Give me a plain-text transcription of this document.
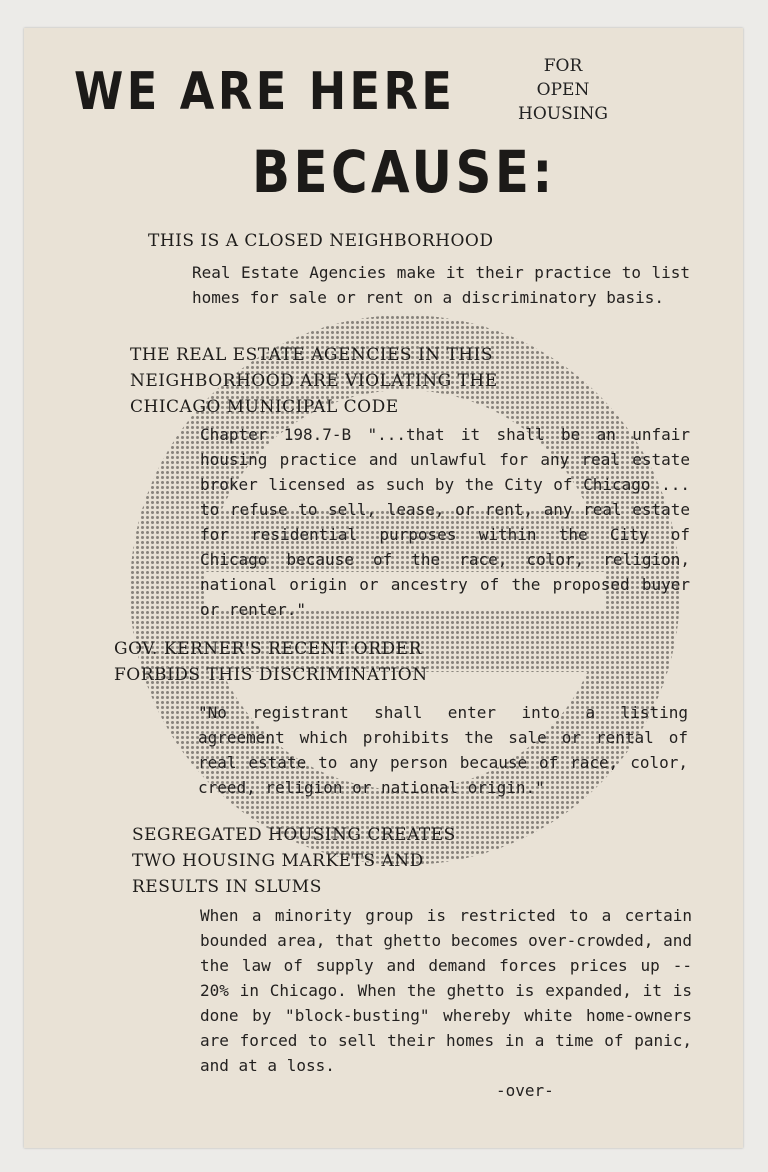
WE ARE HERE	FOR
OPEN
HOUSING
BECAUSE:
THIS IS A CLOSED NEIGHBORHOOD
Real Estate Agencies make it their practice to list homes for sale or rent on a discriminatory basis.
THE REAL ESTATE AGENCIES IN THIS
NEIGHBORHOOD ARE VIOLATING THE
CHICAGO MUNICIPAL CODE
Chapter 198.7-B "...that it shall be an unfair housing practice and unlawful for any real estate broker licensed as such by the City of Chicago ... to refuse to sell, lease, or rent, any real estate for residential purposes within the City of Chicago because of the race, color, religion, national origin or ancestry of the proposed buyer or renter."
GOV. KERNER'S RECENT ORDER
FORBIDS THIS DISCRIMINATION
"No registrant shall enter into a listing agreement which prohibits the sale or rental of real estate to any person because of race, color, creed, religion or national origin."
SEGREGATED HOUSING CREATES
TWO HOUSING MARKETS AND
RESULTS IN SLUMS
When a minority group is restricted to a certain bounded area, that ghetto becomes over-crowded, and the law of supply and demand forces prices up -- 20% in Chicago. When the ghetto is expanded, it is done by "block-busting" whereby white home-owners are forced to sell their homes in a time of panic, and at a loss.
-over-
